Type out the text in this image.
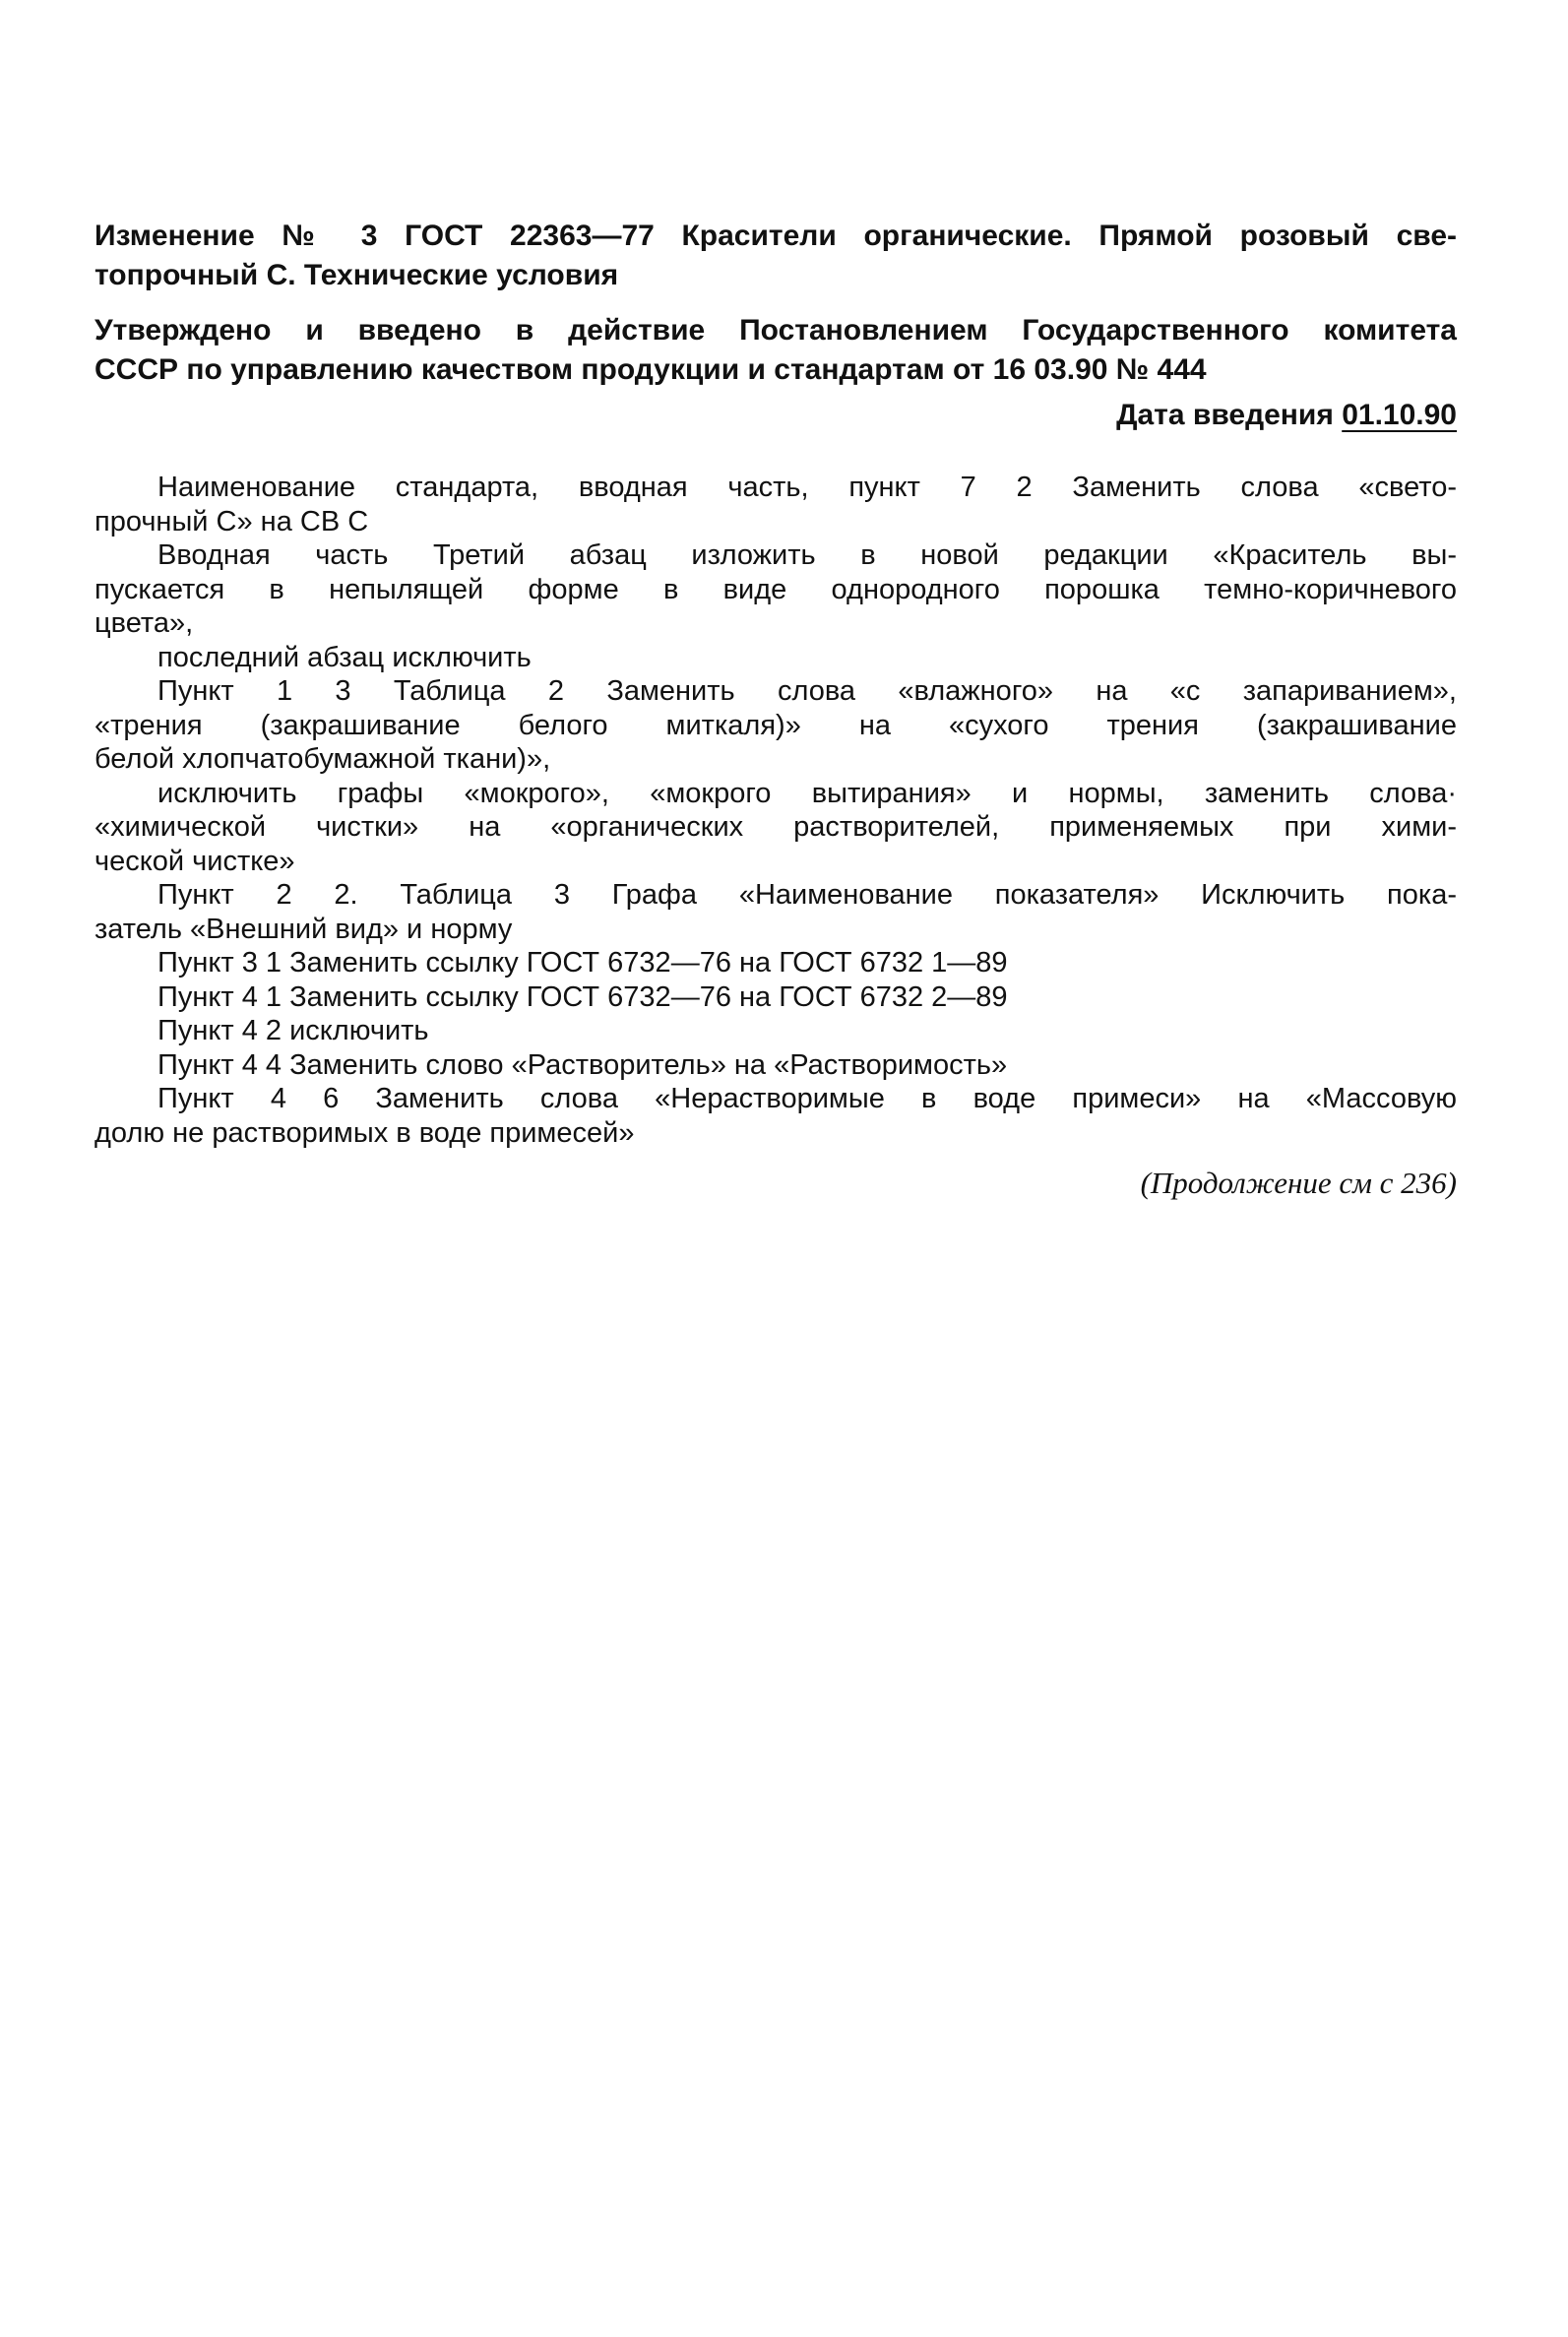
Изменение № 3 ГОСТ 22363—77 Красители органические. Прямой розовый све-
топрочный С. Технические условия
Утверждено и введено в действие Постановлением Государственного комитета
СССР по управлению качеством продукции и стандартам от 16 03.90 № 444
Дата введения 01.10.90

Наименование стандарта, вводная часть, пункт 7 2 Заменить слова «свето-
прочный С» на СВ С

Вводная часть Третий абзац изложить в новой редакции «Краситель вы-
пускается в непылящей форме в виде однородного порошка темно-коричневого
цвета»,

последний абзац исключить

Пункт 1 3 Таблица 2 Заменить слова «влажного» на «с запариванием»,
«трения (закрашивание белого миткаля)» на «сухого трения (закрашивание
белой хлопчатобумажной ткани)»,

исключить графы «мокрого», «мокрого вытирания» и нормы, заменить слова·
«химической чистки» на «органических растворителей, применяемых при хими-
ческой чистке»

Пункт 2 2. Таблица 3 Графа «Наименование показателя» Исключить пока-
затель «Внешний вид» и норму

Пункт 3 1 Заменить ссылку ГОСТ 6732—76 на ГОСТ 6732 1—89

Пункт 4 1 Заменить ссылку ГОСТ 6732—76 на ГОСТ 6732 2—89

Пункт 4 2 исключить

Пункт 4 4 Заменить слово «Растворитель» на «Растворимость»

Пункт 4 6 Заменить слова «Нерастворимые в воде примеси» на «Массовую
долю не растворимых в воде примесей»

(Продолжение см с 236)
